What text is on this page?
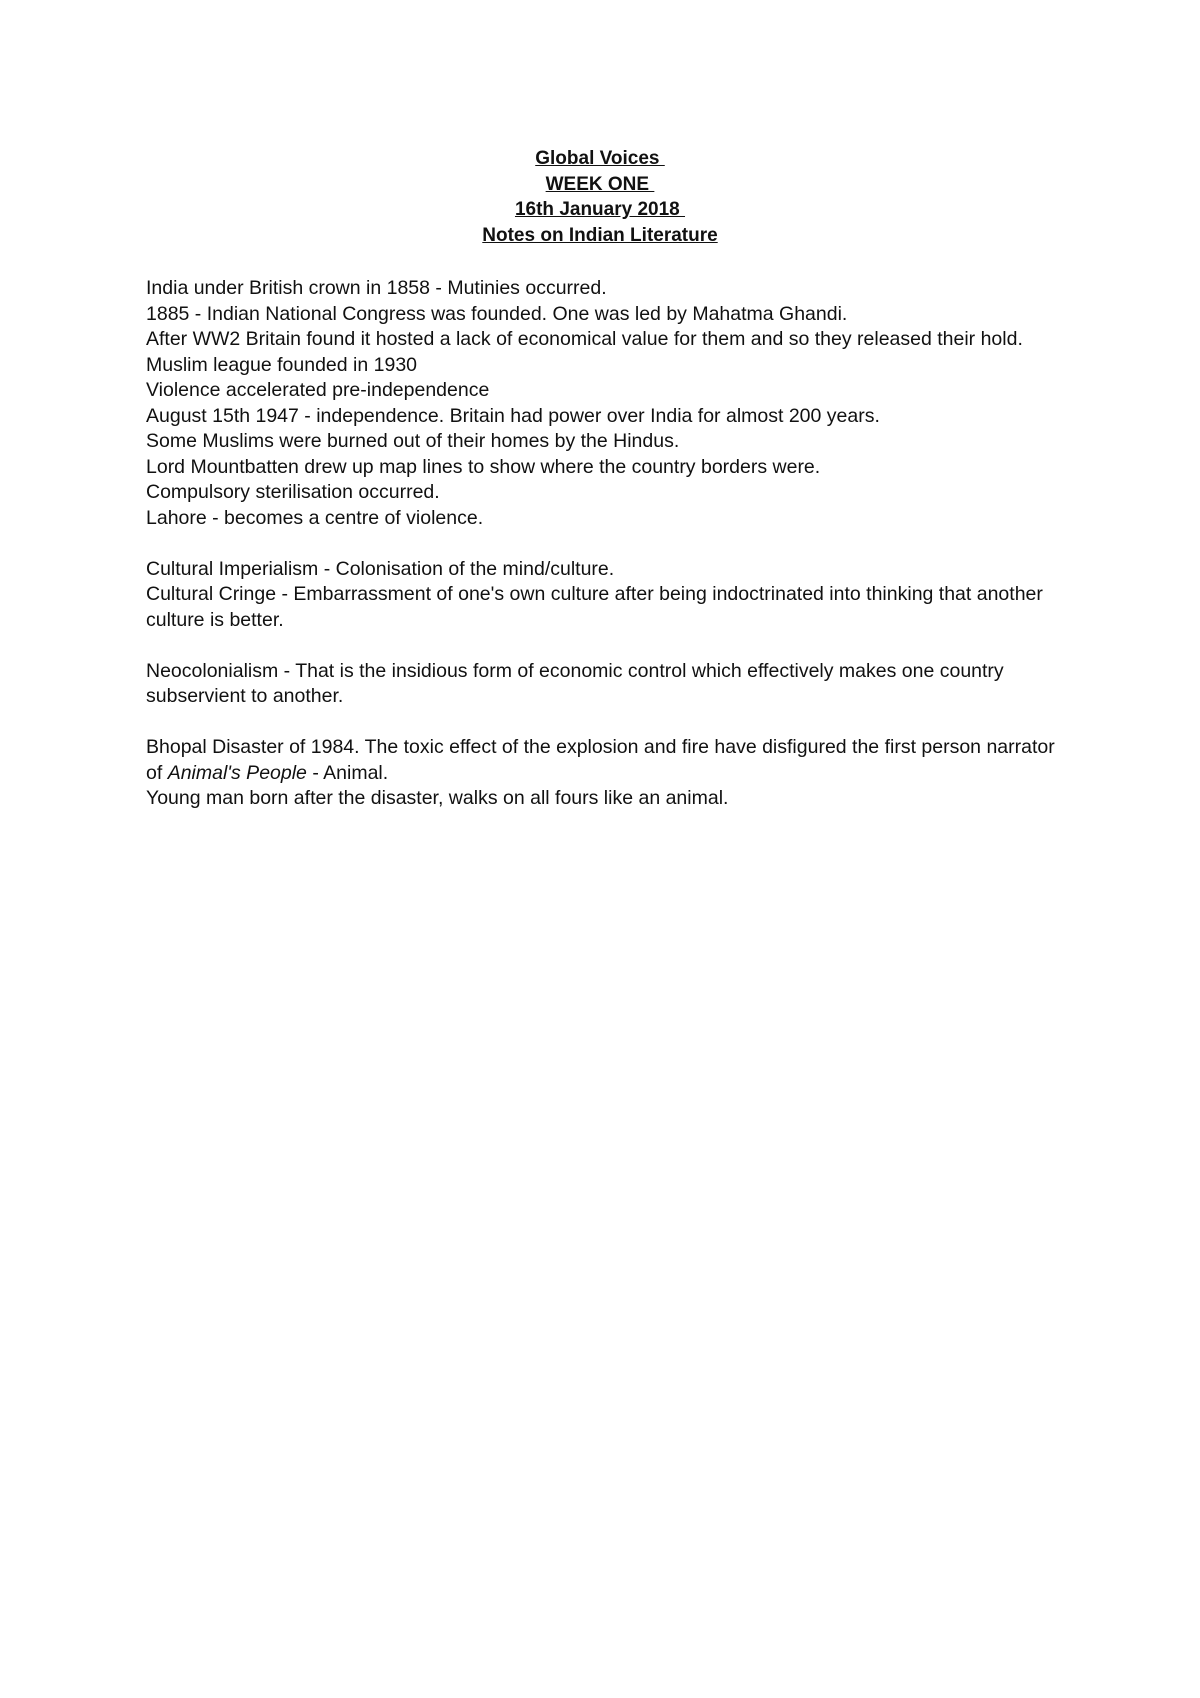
Global Voices
WEEK ONE
16th January 2018
Notes on Indian Literature
India under British crown in 1858 - Mutinies occurred.
1885 - Indian National Congress was founded. One was led by Mahatma Ghandi.
After WW2 Britain found it hosted a lack of economical value for them and so they released their hold.
Muslim league founded in 1930
Violence accelerated pre-independence
August 15th 1947 - independence. Britain had power over India for almost 200 years.
Some Muslims were burned out of their homes by the Hindus.
Lord Mountbatten drew up map lines to show where the country borders were.
Compulsory sterilisation occurred.
Lahore - becomes a centre of violence.
Cultural Imperialism - Colonisation of the mind/culture.
Cultural Cringe - Embarrassment of one's own culture after being indoctrinated into thinking that another culture is better.
Neocolonialism - That is the insidious form of economic control which effectively makes one country subservient to another.
Bhopal Disaster of 1984. The toxic effect of the explosion and fire have disfigured the first person narrator of Animal's People - Animal.
Young man born after the disaster, walks on all fours like an animal.
